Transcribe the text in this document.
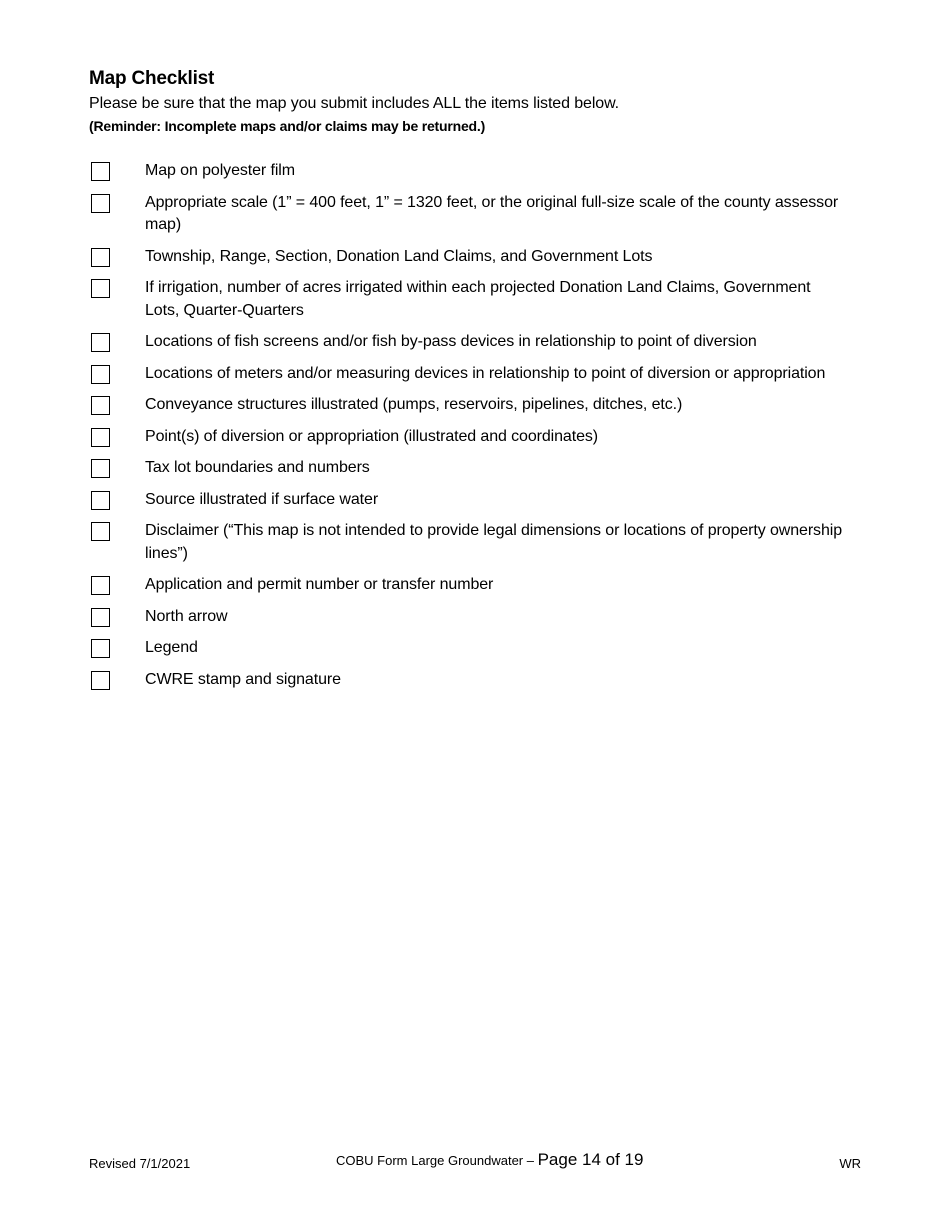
Map Checklist
Please be sure that the map you submit includes ALL the items listed below.
(Reminder: Incomplete maps and/or claims may be returned.)
Map on polyester film
Appropriate scale (1” = 400 feet, 1” = 1320 feet, or the original full-size scale of the county assessor map)
Township, Range, Section, Donation Land Claims, and Government Lots
If irrigation, number of acres irrigated within each projected Donation Land Claims, Government Lots, Quarter-Quarters
Locations of fish screens and/or fish by-pass devices in relationship to point of diversion
Locations of meters and/or measuring devices in relationship to point of diversion or appropriation
Conveyance structures illustrated (pumps, reservoirs, pipelines, ditches, etc.)
Point(s) of diversion or appropriation (illustrated and coordinates)
Tax lot boundaries and numbers
Source illustrated if surface water
Disclaimer (“This map is not intended to provide legal dimensions or locations of property ownership lines”)
Application and permit number or transfer number
North arrow
Legend
CWRE stamp and signature
Revised 7/1/2021	COBU Form Large Groundwater – Page 14 of 19	WR
